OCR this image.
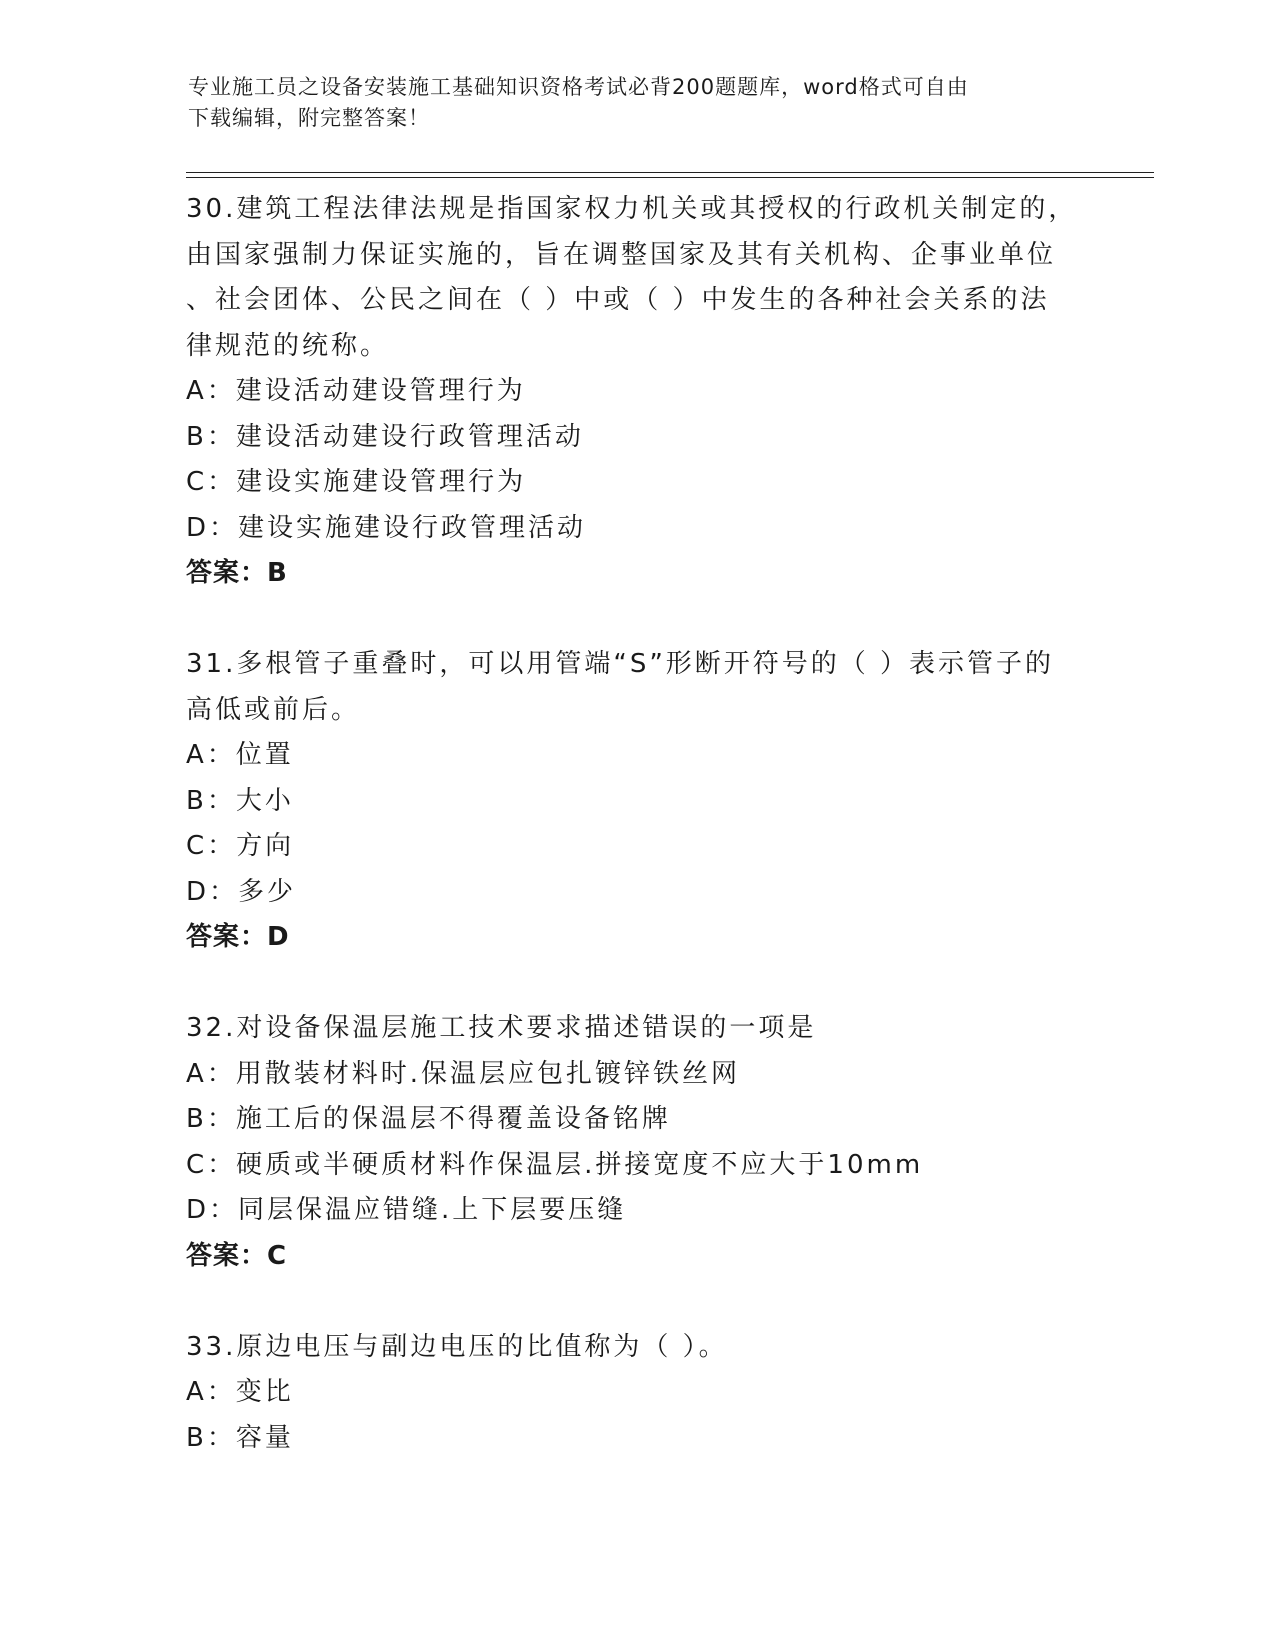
专业施工员之设备安装施工基础知识资格考试必背200题题库，word格式可自由
下载编辑，附完整答案！
30.建筑工程法律法规是指国家权力机关或其授权的行政机关制定的，
由国家强制力保证实施的，旨在调整国家及其有关机构、企事业单位
、社会团体、公民之间在（ ）中或（ ）中发生的各种社会关系的法
律规范的统称。
A：建设活动建设管理行为
B：建设活动建设行政管理活动
C：建设实施建设管理行为
D：建设实施建设行政管理活动
答案：B
31.多根管子重叠时，可以用管端“S”形断开符号的（ ）表示管子的
高低或前后。
A：位置
B：大小
C：方向
D：多少
答案：D
32.对设备保温层施工技术要求描述错误的一项是
A：用散装材料时.保温层应包扎镀锌铁丝网
B：施工后的保温层不得覆盖设备铭牌
C：硬质或半硬质材料作保温层.拼接宽度不应大于10mm
D：同层保温应错缝.上下层要压缝
答案：C
33.原边电压与副边电压的比值称为（ ）。
A：变比
B：容量
